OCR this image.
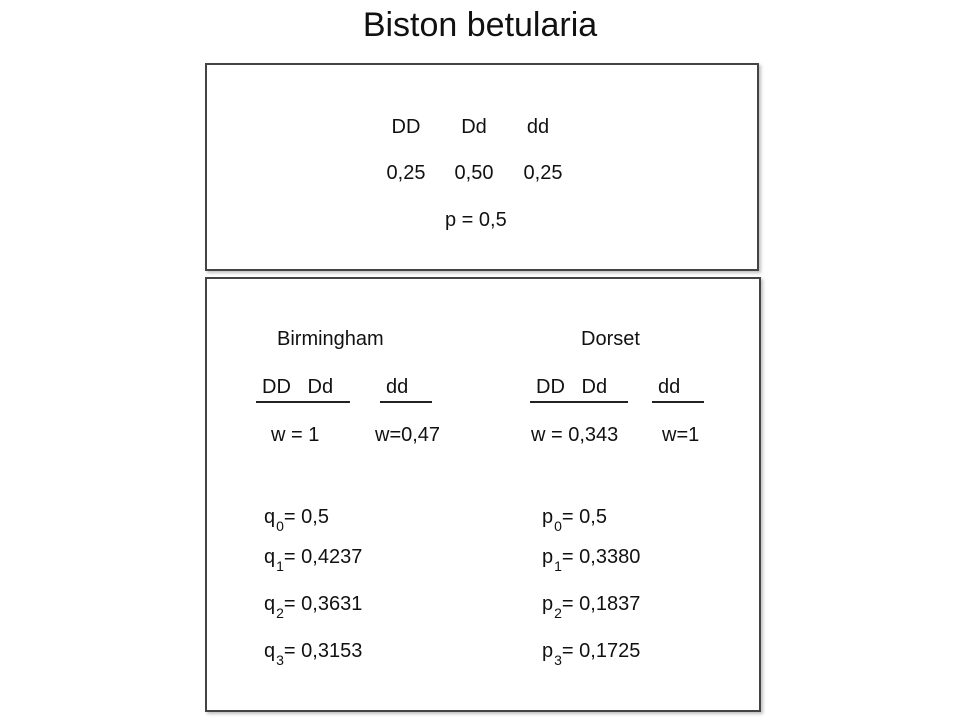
Biston betularia
DD	Dd	dd
0,25	0,50	0,25
p = 0,5
Birmingham
DD   Dd	dd
w = 1	w=0,47
$q_0= 0,5$
$q_1= 0,4237$
$q_2= 0,3631$
$q_3= 0,3153$
Dorset
DD   Dd	dd
w = 0,343 w=1
$p_0= 0,5$
$p_1= 0,3380$
$p_2= 0,1837$
$p_3= 0,1725$
